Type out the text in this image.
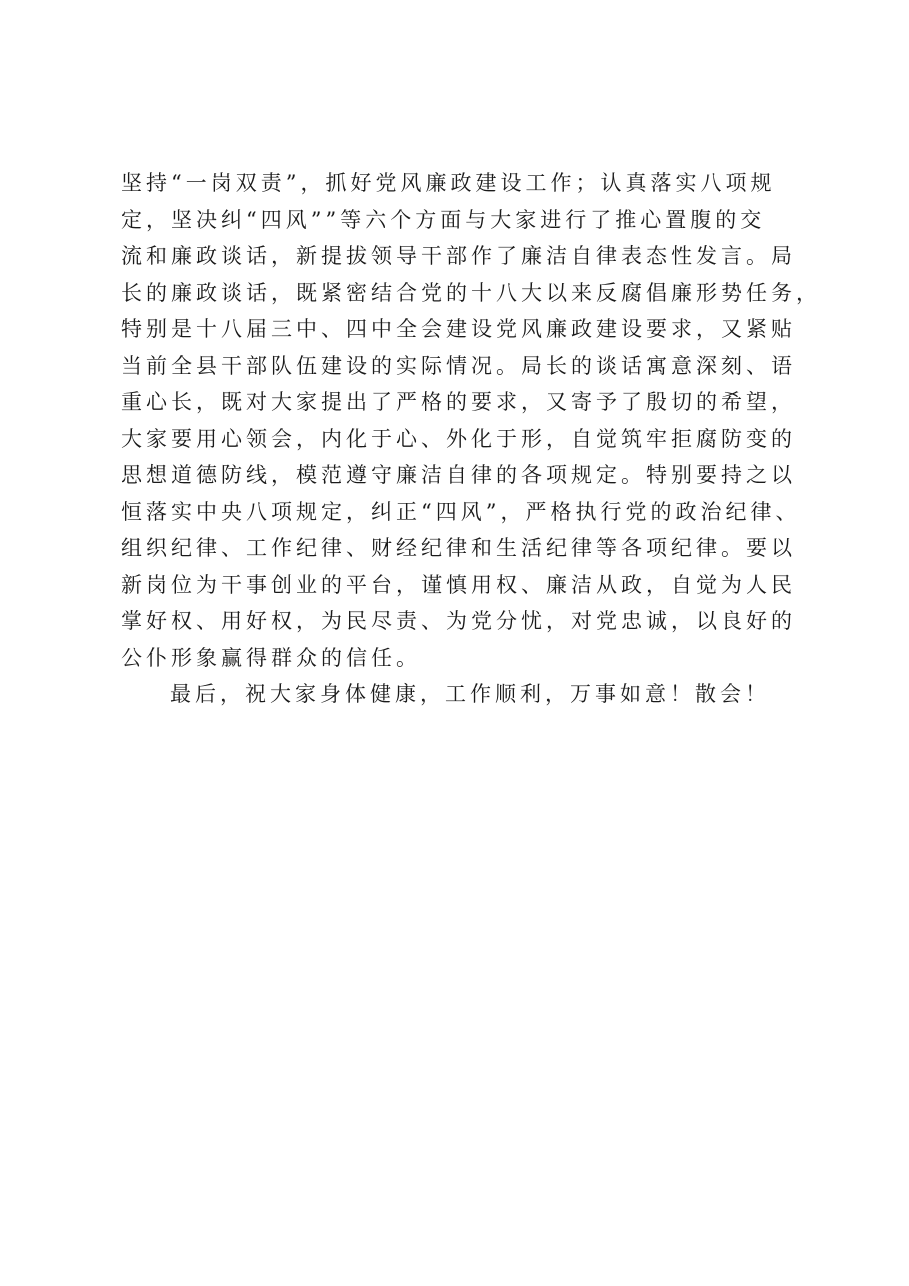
坚持“一岗双责”，抓好党风廉政建设工作；认真落实八项规
定，坚决纠“四风””等六个方面与大家进行了推心置腹的交
流和廉政谈话，新提拔领导干部作了廉洁自律表态性发言。局
长的廉政谈话，既紧密结合党的十八大以来反腐倡廉形势任务，
特别是十八届三中、四中全会建设党风廉政建设要求，又紧贴
当前全县干部队伍建设的实际情况。局长的谈话寓意深刻、语
重心长，既对大家提出了严格的要求，又寄予了殷切的希望，
大家要用心领会，内化于心、外化于形，自觉筑牢拒腐防变的
思想道德防线，模范遵守廉洁自律的各项规定。特别要持之以
恒落实中央八项规定，纠正“四风”，严格执行党的政治纪律、
组织纪律、工作纪律、财经纪律和生活纪律等各项纪律。要以
新岗位为干事创业的平台，谨慎用权、廉洁从政，自觉为人民
掌好权、用好权，为民尽责、为党分忧，对党忠诚，以良好的
公仆形象赢得群众的信任。
最后，祝大家身体健康，工作顺利，万事如意！散会！
